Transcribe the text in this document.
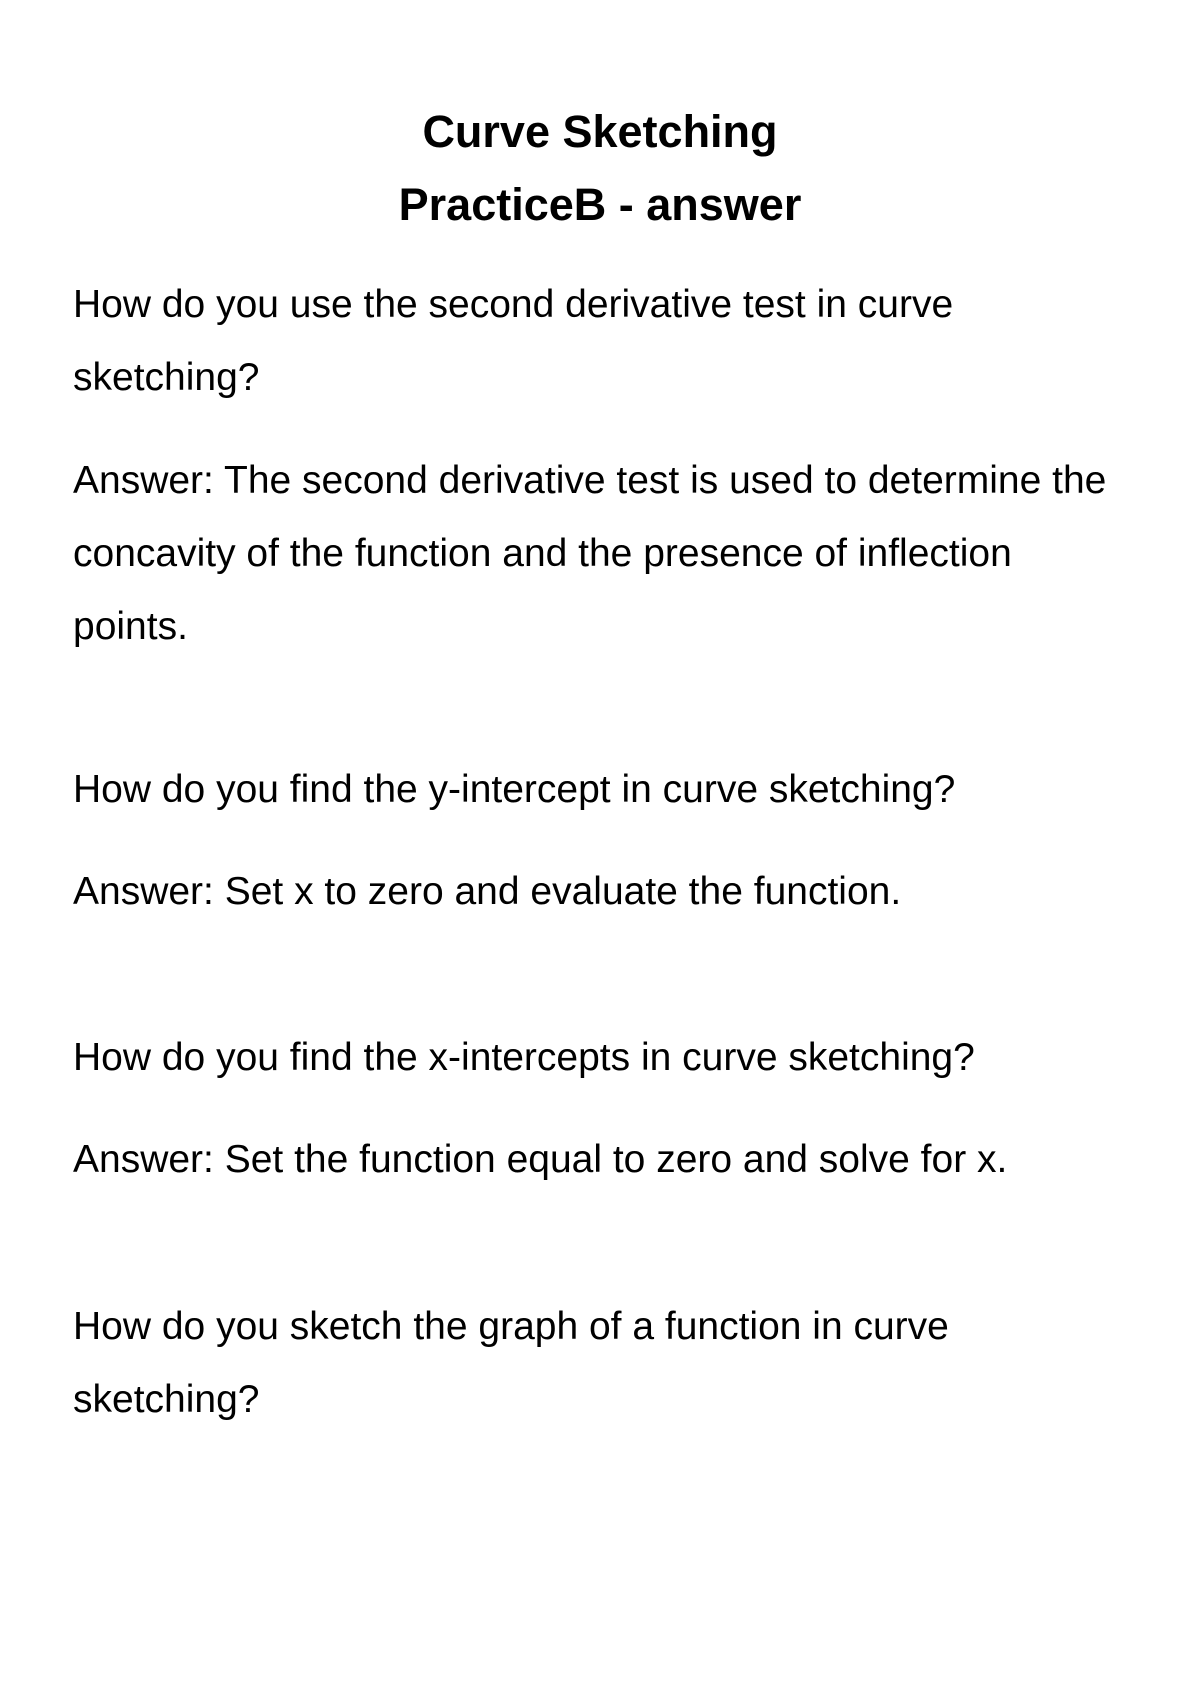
Curve Sketching
PracticeB - answer

How do you use the second derivative test in curve sketching?

Answer: The second derivative test is used to determine the concavity of the function and the presence of inflection points.

How do you find the y-intercept in curve sketching?

Answer: Set x to zero and evaluate the function.

How do you find the x-intercepts in curve sketching?

Answer: Set the function equal to zero and solve for x.

How do you sketch the graph of a function in curve sketching?
